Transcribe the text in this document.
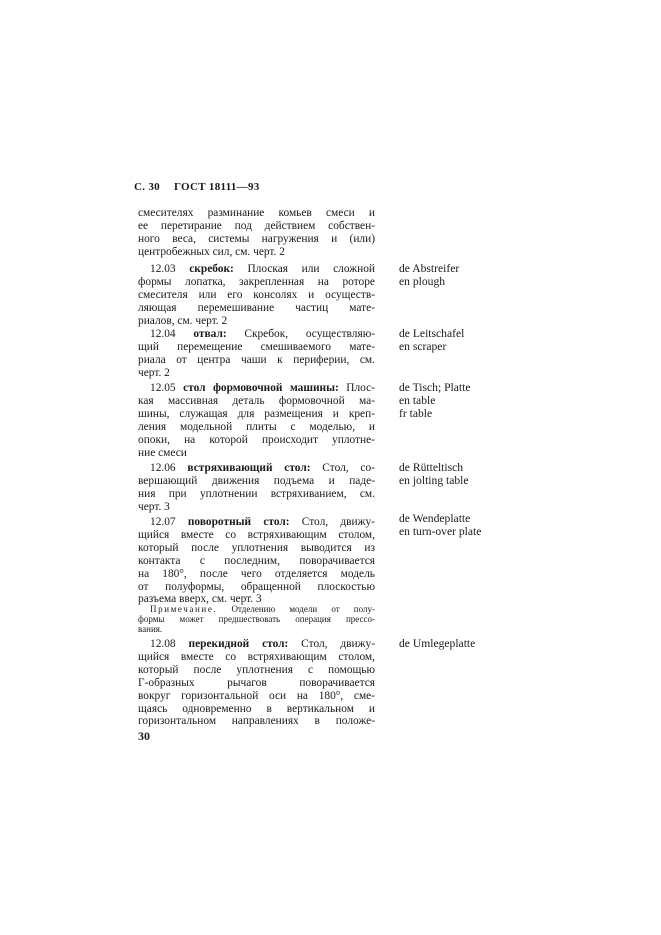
С. 30 ГОСТ 18111—93
смесителях разминание комьев смеси и
ее перетирание под действием собствен-
ного веса, системы нагружения и (или)
центробежных сил, см. черт. 2
12.03 скребок: Плоская или сложной
формы лопатка, закрепленная на роторе
смесителя или его консолях и осуществ-
ляющая перемешивание частиц мате-
риалов, см. черт. 2
de Abstreifer
en plough
12.04 отвал: Скребок, осуществляю-
щий перемещение смешиваемого мате-
риала от центра чаши к периферии, см.
черт. 2
de Leitschafel
en scraper
12.05 стол формовочной машины: Плос-
кая массивная деталь формовочной ма-
шины, служащая для размещения и креп-
ления модельной плиты с моделью, и
опоки, на которой происходит уплотне-
ние смеси
de Tisch; Platte
en table
fr table
12.06 встряхивающий стол: Стол, со-
вершающий движения подъема и паде-
ния при уплотнении встряхиванием, см.
черт. 3
de Rütteltisch
en jolting table
12.07 поворотный стол: Стол, движу-
щийся вместе со встряхивающим столом,
который после уплотнения выводится из
контакта с последним, поворачивается
на 180°, после чего отделяется модель
от полуформы, обращенной плоскостью
разъема вверх, см. черт. 3
de Wendeplatte
en turn-over plate
Примечание. Отделению модели от полу-
формы может предшествовать операция прессо-
вания.
12.08 перекидной стол: Стол, движу-
щийся вместе со встряхивающим столом,
который после уплотнения с помощью
Г-образных рычагов поворачивается
вокруг горизонтальной оси на 180°, сме-
щаясь одновременно в вертикальном и
горизонтальном направлениях в положе-
de Umlegeplatte
30
